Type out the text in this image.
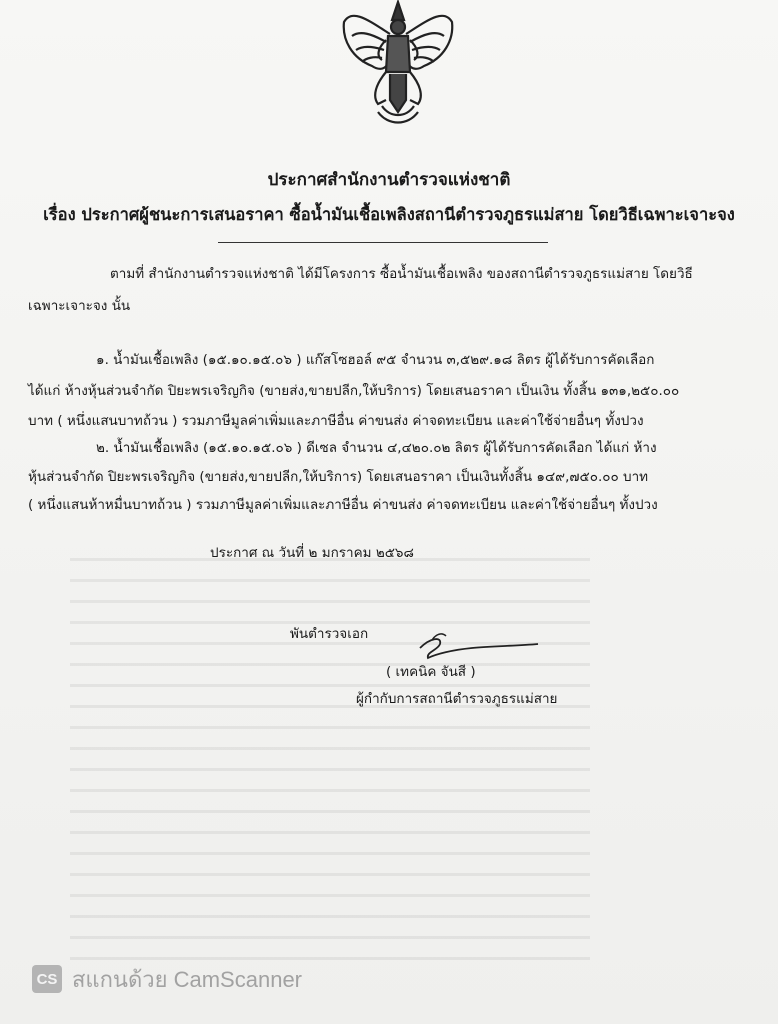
ประกาศสำนักงานตำรวจแห่งชาติ
เรื่อง ประกาศผู้ชนะการเสนอราคา ซื้อน้ำมันเชื้อเพลิงสถานีตำรวจภูธรแม่สาย โดยวิธีเฉพาะเจาะจง
ตามที่ สำนักงานตำรวจแห่งชาติ ได้มีโครงการ ซื้อน้ำมันเชื้อเพลิง ของสถานีตำรวจภูธรแม่สาย โดยวิธี
เฉพาะเจาะจง นั้น
๑. น้ำมันเชื้อเพลิง (๑๕.๑๐.๑๕.๐๖ ) แก๊สโซฮอล์ ๙๕ จำนวน ๓,๕๒๙.๑๘ ลิตร ผู้ได้รับการคัดเลือก
ได้แก่ ห้างหุ้นส่วนจำกัด ปิยะพรเจริญกิจ (ขายส่ง,ขายปลีก,ให้บริการ) โดยเสนอราคา เป็นเงิน ทั้งสิ้น ๑๓๑,๒๕๐.๐๐
บาท ( หนึ่งแสนบาทถ้วน ) รวมภาษีมูลค่าเพิ่มและภาษีอื่น ค่าขนส่ง ค่าจดทะเบียน และค่าใช้จ่ายอื่นๆ ทั้งปวง
๒. น้ำมันเชื้อเพลิง (๑๕.๑๐.๑๕.๐๖ ) ดีเซล จำนวน ๔,๔๒๐.๐๒ ลิตร ผู้ได้รับการคัดเลือก ได้แก่ ห้าง
หุ้นส่วนจำกัด ปิยะพรเจริญกิจ (ขายส่ง,ขายปลีก,ให้บริการ) โดยเสนอราคา เป็นเงินทั้งสิ้น ๑๔๙,๗๕๐.๐๐ บาท
( หนึ่งแสนห้าหมื่นบาทถ้วน ) รวมภาษีมูลค่าเพิ่มและภาษีอื่น ค่าขนส่ง ค่าจดทะเบียน และค่าใช้จ่ายอื่นๆ ทั้งปวง
ประกาศ ณ วันที่ ๒ มกราคม ๒๕๖๘
พันตำรวจเอก
( เทคนิค จันสี )
ผู้กำกับการสถานีตำรวจภูธรแม่สาย
CS สแกนด้วย CamScanner
